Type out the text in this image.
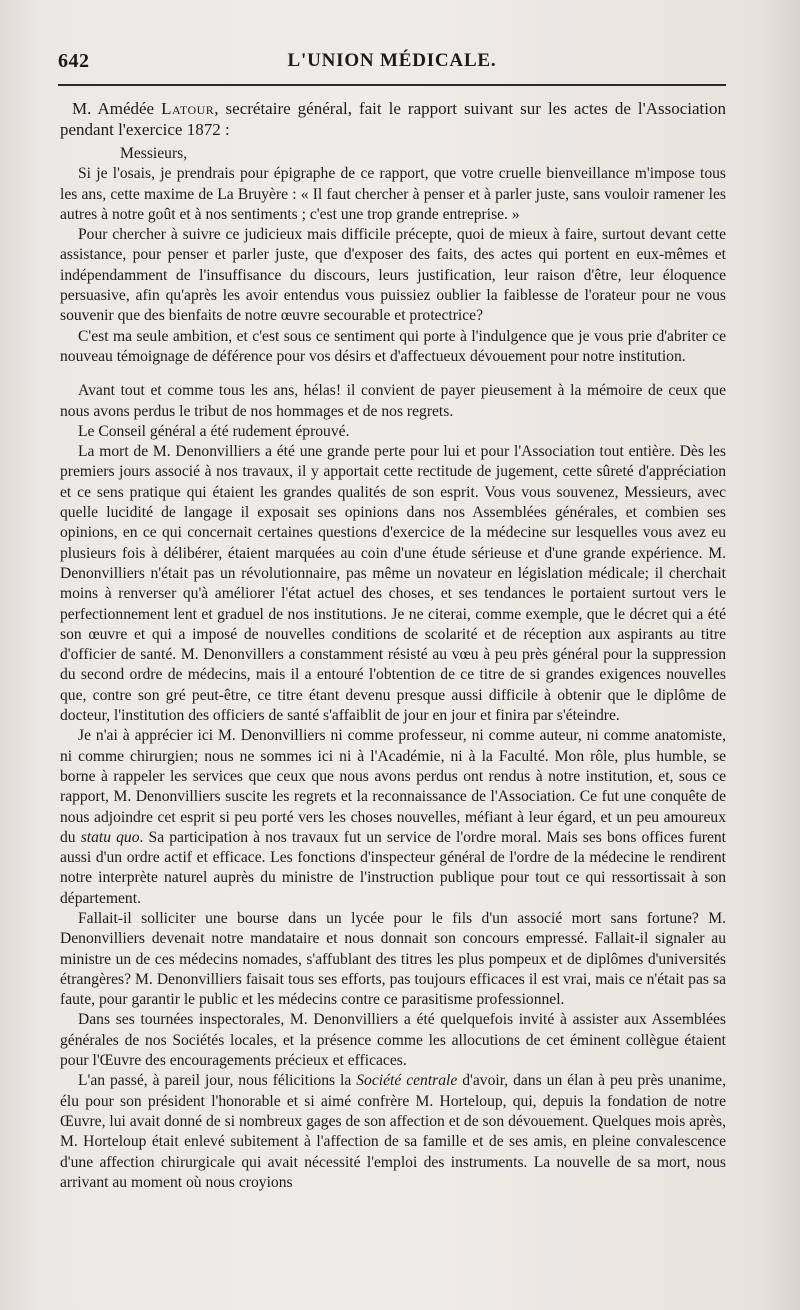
642	L'UNION MÉDICALE.

M. Amédée Latour, secrétaire général, fait le rapport suivant sur les actes de l'Association pendant l'exercice 1872 :

Messieurs,

Si je l'osais, je prendrais pour épigraphe de ce rapport, que votre cruelle bienveillance m'impose tous les ans, cette maxime de La Bruyère : « Il faut chercher à penser et à parler juste, sans vouloir ramener les autres à notre goût et à nos sentiments ; c'est une trop grande entreprise. »

Pour chercher à suivre ce judicieux mais difficile précepte, quoi de mieux à faire, surtout devant cette assistance, pour penser et parler juste, que d'exposer des faits, des actes qui portent en eux-mêmes et indépendamment de l'insuffisance du discours, leurs justification, leur raison d'être, leur éloquence persuasive, afin qu'après les avoir entendus vous puissiez oublier la faiblesse de l'orateur pour ne vous souvenir que des bienfaits de notre œuvre secourable et protectrice?

C'est ma seule ambition, et c'est sous ce sentiment qui porte à l'indulgence que je vous prie d'abriter ce nouveau témoignage de déférence pour vos désirs et d'affectueux dévouement pour notre institution.

Avant tout et comme tous les ans, hélas! il convient de payer pieusement à la mémoire de ceux que nous avons perdus le tribut de nos hommages et de nos regrets.

Le Conseil général a été rudement éprouvé.

La mort de M. Denonvilliers a été une grande perte pour lui et pour l'Association tout entière. Dès les premiers jours associé à nos travaux, il y apportait cette rectitude de jugement, cette sûreté d'appréciation et ce sens pratique qui étaient les grandes qualités de son esprit. Vous vous souvenez, Messieurs, avec quelle lucidité de langage il exposait ses opinions dans nos Assemblées générales, et combien ses opinions, en ce qui concernait certaines questions d'exercice de la médecine sur lesquelles vous avez eu plusieurs fois à délibérer, étaient marquées au coin d'une étude sérieuse et d'une grande expérience. M. Denonvilliers n'était pas un révolutionnaire, pas même un novateur en législation médicale; il cherchait moins à renverser qu'à améliorer l'état actuel des choses, et ses tendances le portaient surtout vers le perfectionnement lent et graduel de nos institutions. Je ne citerai, comme exemple, que le décret qui a été son œuvre et qui a imposé de nouvelles conditions de scolarité et de réception aux aspirants au titre d'officier de santé. M. Denonvillers a constamment résisté au vœu à peu près général pour la suppression du second ordre de médecins, mais il a entouré l'obtention de ce titre de si grandes exigences nouvelles que, contre son gré peut-être, ce titre étant devenu presque aussi difficile à obtenir que le diplôme de docteur, l'institution des officiers de santé s'affaiblit de jour en jour et finira par s'éteindre.

Je n'ai à apprécier ici M. Denonvilliers ni comme professeur, ni comme auteur, ni comme anatomiste, ni comme chirurgien; nous ne sommes ici ni à l'Académie, ni à la Faculté. Mon rôle, plus humble, se borne à rappeler les services que ceux que nous avons perdus ont rendus à notre institution, et, sous ce rapport, M. Denonvilliers suscite les regrets et la reconnaissance de l'Association. Ce fut une conquête de nous adjoindre cet esprit si peu porté vers les choses nouvelles, méfiant à leur égard, et un peu amoureux du statu quo. Sa participation à nos travaux fut un service de l'ordre moral. Mais ses bons offices furent aussi d'un ordre actif et efficace. Les fonctions d'inspecteur général de l'ordre de la médecine le rendirent notre interprète naturel auprès du ministre de l'instruction publique pour tout ce qui ressortissait à son département.

Fallait-il solliciter une bourse dans un lycée pour le fils d'un associé mort sans fortune? M. Denonvilliers devenait notre mandataire et nous donnait son concours empressé. Fallait-il signaler au ministre un de ces médecins nomades, s'affublant des titres les plus pompeux et de diplômes d'universités étrangères? M. Denonvilliers faisait tous ses efforts, pas toujours efficaces il est vrai, mais ce n'était pas sa faute, pour garantir le public et les médecins contre ce parasitisme professionnel.

Dans ses tournées inspectorales, M. Denonvilliers a été quelquefois invité à assister aux Assemblées générales de nos Sociétés locales, et la présence comme les allocutions de cet éminent collègue étaient pour l'Œuvre des encouragements précieux et efficaces.

L'an passé, à pareil jour, nous félicitions la Société centrale d'avoir, dans un élan à peu près unanime, élu pour son président l'honorable et si aimé confrère M. Horteloup, qui, depuis la fondation de notre Œuvre, lui avait donné de si nombreux gages de son affection et de son dévouement. Quelques mois après, M. Horteloup était enlevé subitement à l'affection de sa famille et de ses amis, en pleine convalescence d'une affection chirurgicale qui avait nécessité l'emploi des instruments. La nouvelle de sa mort, nous arrivant au moment où nous croyions
